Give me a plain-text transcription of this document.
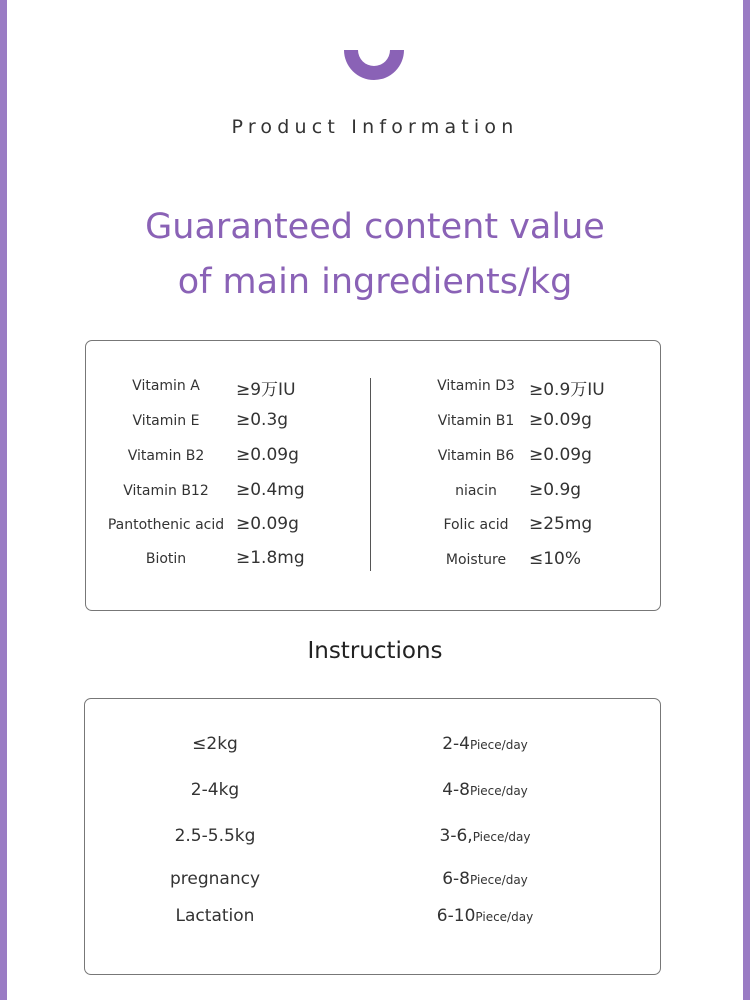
Product Information
Guaranteed content value
of main ingredients/kg
Vitamin A	≥9万IU
Vitamin E	≥0.3g
Vitamin B2	≥0.09g
Vitamin B12	≥0.4mg
Pantothenic acid ≥0.09g
Biotin	≥1.8mg
Vitamin D3 ≥0.9万IU
Vitamin B1 ≥0.09g
Vitamin B6 ≥0.09g
niacin	≥0.9g
Folic acid	≥25mg
Moisture	≤10%
Instructions
≤2kg	2-4Piece/day
2-4kg	4-8Piece/day
2.5-5.5kg	3-6,Piece/day
pregnancy	6-8Piece/day
Lactation	6-10Piece/day
